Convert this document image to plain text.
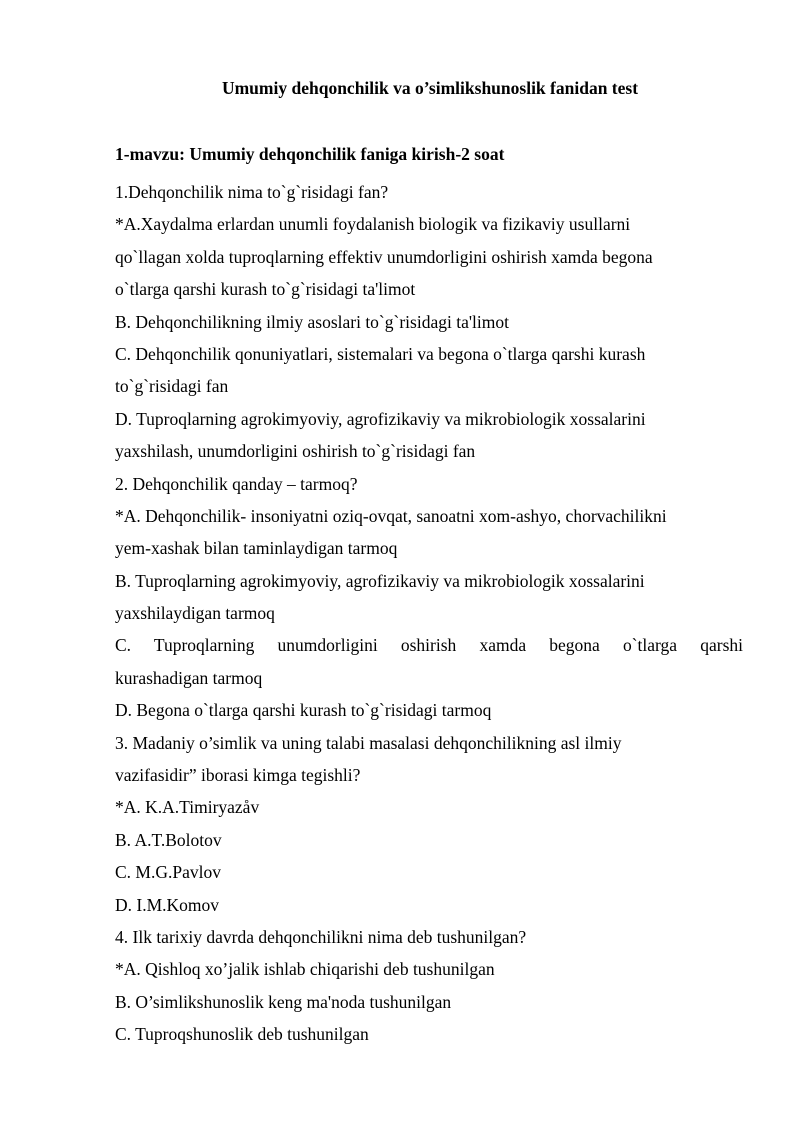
Umumiy dehqonchilik va o’simlikshunoslik fanidan test
1-mavzu: Umumiy dehqonchilik faniga kirish-2 soat

1.Dehqonchilik nima to`g`risidagi fan?

*A.Xaydalma erlardan unumli foydalanish biologik va fizikaviy usullarni

qo`llagan xolda tuproqlarning effektiv unumdorligini oshirish xamda begona

o`tlarga qarshi kurash to`g`risidagi ta'limot

B. Dehqonchilikning ilmiy asoslari to`g`risidagi ta'limot

C. Dehqonchilik qonuniyatlari, sistemalari va begona o`tlarga qarshi kurash

to`g`risidagi fan

D. Tuproqlarning agrokimyoviy, agrofizikaviy va mikrobiologik xossalarini

yaxshilash, unumdorligini oshirish to`g`risidagi fan

2. Dehqonchilik qanday – tarmoq?

*A. Dehqonchilik- insoniyatni oziq-ovqat, sanoatni xom-ashyo, chorvachilikni

yem-xashak bilan taminlaydigan tarmoq

B. Tuproqlarning agrokimyoviy, agrofizikaviy va mikrobiologik xossalarini

yaxshilaydigan tarmoq

C. Tuproqlarning unumdorligini oshirish xamda begona o`tlarga qarshi

kurashadigan tarmoq

D. Begona o`tlarga qarshi kurash to`g`risidagi tarmoq

3. Madaniy o’simlik va uning talabi masalasi dehqonchilikning asl ilmiy

vazifasidir” iborasi kimga tegishli?

*A. K.A.Timiryazåv

B. A.T.Bolotov

C. M.G.Pavlov

D. I.M.Komov

4. Ilk tarixiy davrda dehqonchilikni nima deb tushunilgan?

*A. Qishloq xo’jalik ishlab chiqarishi deb tushunilgan

B. O’simlikshunoslik keng ma'noda tushunilgan

C. Tuproqshunoslik deb tushunilgan
